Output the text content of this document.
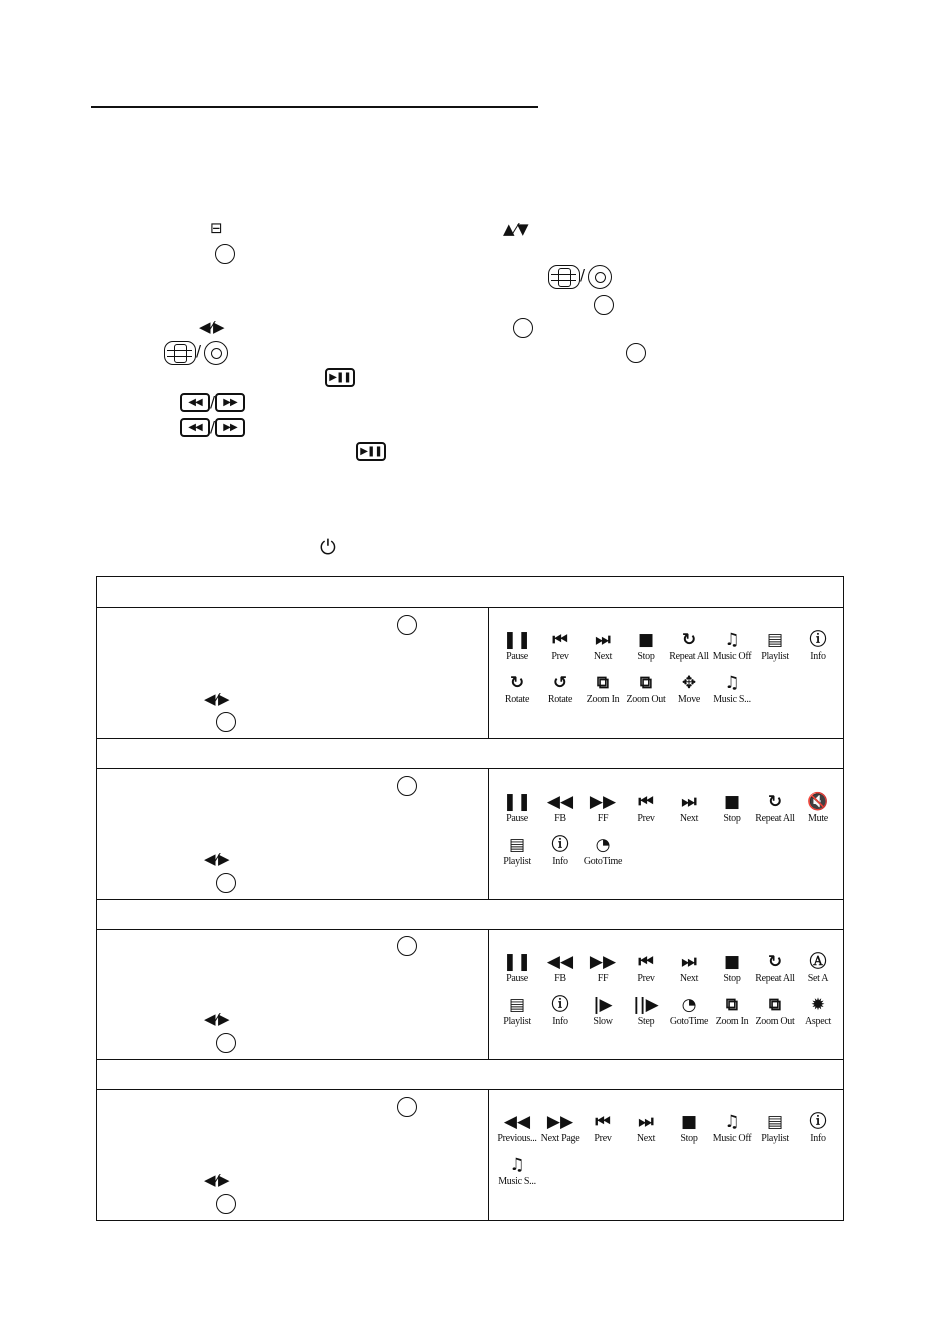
⊟	▲⁄▼
/
◀⁄▶
/
▶❚❚
◀◀ / ▶▶
◀◀ / ▶▶
▶❚❚
⏻
◀⁄▶
◀⁄▶
◀⁄▶
◀⁄▶
❚❚
Pause
⏮
Prev
⏭
Next
■
Stop
↻
Repeat All
♫
Music Off
▤
Playlist
ⓘ
Info
↻
Rotate
↺
Rotate
⧉
Zoom In
⧉
Zoom Out
✥
Move
♫
Music S...
❚❚
Pause
◀◀
FB
▶▶
FF
⏮
Prev
⏭
Next
■
Stop
↻
Repeat All
🔇
Mute
▤
Playlist
ⓘ
Info
◔
GotoTime
❚❚
Pause
◀◀
FB
▶▶
FF
⏮
Prev
⏭
Next
■
Stop
↻
Repeat All
Ⓐ
Set A
▤
Playlist
ⓘ
Info
|▶
Slow
||▶
Step
◔
GotoTime
⧉
Zoom In
⧉
Zoom Out
✹
Aspect
◀◀
Previous...
▶▶
Next Page
⏮
Prev
⏭
Next
■
Stop
♫
Music Off
▤
Playlist
ⓘ
Info
♫
Music S...
